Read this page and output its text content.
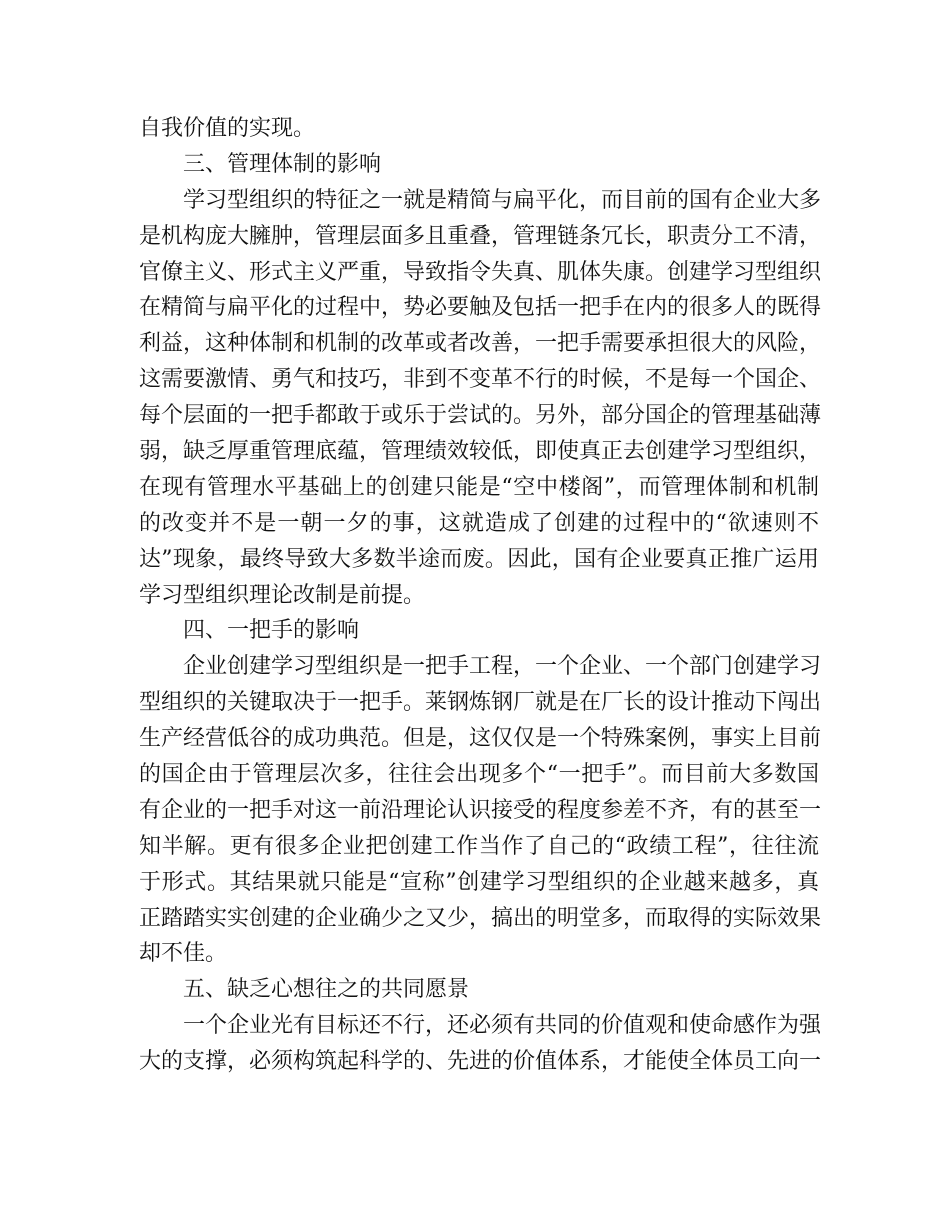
自我价值的实现。
三、管理体制的影响
学习型组织的特征之一就是精简与扁平化，而目前的国有企业大多
是机构庞大臃肿，管理层面多且重叠，管理链条冗长，职责分工不清，
官僚主义、形式主义严重，导致指令失真、肌体失康。创建学习型组织
在精简与扁平化的过程中，势必要触及包括一把手在内的很多人的既得
利益，这种体制和机制的改革或者改善，一把手需要承担很大的风险，
这需要激情、勇气和技巧，非到不变革不行的时候，不是每一个国企、
每个层面的一把手都敢于或乐于尝试的。另外，部分国企的管理基础薄
弱，缺乏厚重管理底蕴，管理绩效较低，即使真正去创建学习型组织，
在现有管理水平基础上的创建只能是“空中楼阁”，而管理体制和机制
的改变并不是一朝一夕的事，这就造成了创建的过程中的“欲速则不
达”现象，最终导致大多数半途而废。因此，国有企业要真正推广运用
学习型组织理论改制是前提。
四、一把手的影响
企业创建学习型组织是一把手工程，一个企业、一个部门创建学习
型组织的关键取决于一把手。莱钢炼钢厂就是在厂长的设计推动下闯出
生产经营低谷的成功典范。但是，这仅仅是一个特殊案例，事实上目前
的国企由于管理层次多，往往会出现多个“一把手”。而目前大多数国
有企业的一把手对这一前沿理论认识接受的程度参差不齐，有的甚至一
知半解。更有很多企业把创建工作当作了自己的“政绩工程”，往往流
于形式。其结果就只能是“宣称”创建学习型组织的企业越来越多，真
正踏踏实实创建的企业确少之又少，搞出的明堂多，而取得的实际效果
却不佳。
五、缺乏心想往之的共同愿景
一个企业光有目标还不行，还必须有共同的价值观和使命感作为强
大的支撑，必须构筑起科学的、先进的价值体系，才能使全体员工向一
